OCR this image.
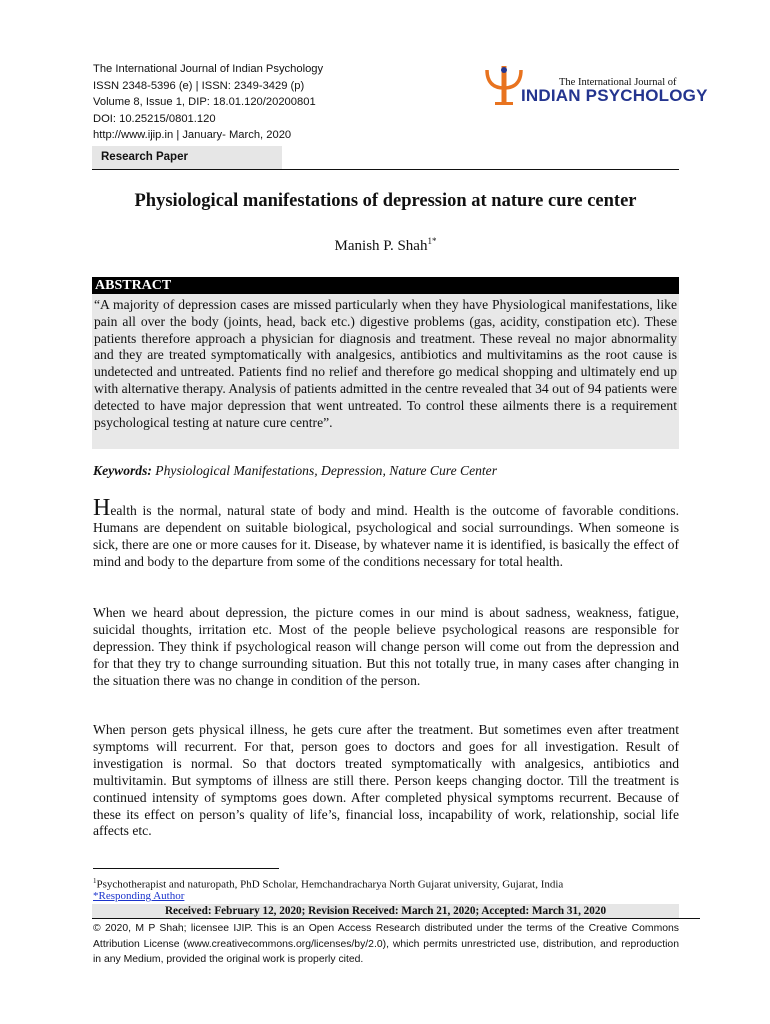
The International Journal of Indian Psychology
ISSN 2348-5396 (e) | ISSN: 2349-3429 (p)
Volume 8, Issue 1, DIP: 18.01.120/20200801
DOI: 10.25215/0801.120
http://www.ijip.in | January- March, 2020
The International Journal of
INDIAN PSYCHOLOGY
Research Paper
Physiological manifestations of depression at nature cure center
Manish P. Shah$^{1*}$
ABSTRACT
“A majority of depression cases are missed particularly when they have Physiological manifestations, like pain all over the body (joints, head, back etc.) digestive problems (gas, acidity, constipation etc). These patients therefore approach a physician for diagnosis and treatment. These reveal no major abnormality and they are treated symptomatically with analgesics, antibiotics and multivitamins as the root cause is undetected and untreated. Patients find no relief and therefore go medical shopping and ultimately end up with alternative therapy. Analysis of patients admitted in the centre revealed that 34 out of 94 patients were detected to have major depression that went untreated. To control these ailments there is a requirement psychological testing at nature cure centre”.
Keywords: Physiological Manifestations, Depression, Nature Cure Center
Health is the normal, natural state of body and mind. Health is the outcome of favorable conditions. Humans are dependent on suitable biological, psychological and social surroundings. When someone is sick, there are one or more causes for it. Disease, by whatever name it is identified, is basically the effect of mind and body to the departure from some of the conditions necessary for total health.
When we heard about depression, the picture comes in our mind is about sadness, weakness, fatigue, suicidal thoughts, irritation etc. Most of the people believe psychological reasons are responsible for depression. They think if psychological reason will change person will come out from the depression and for that they try to change surrounding situation. But this not totally true, in many cases after changing in the situation there was no change in condition of the person.
When person gets physical illness, he gets cure after the treatment. But sometimes even after treatment symptoms will recurrent. For that, person goes to doctors and goes for all investigation. Result of investigation is normal. So that doctors treated symptomatically with analgesics, antibiotics and multivitamin. But symptoms of illness are still there. Person keeps changing doctor. Till the treatment is continued intensity of symptoms goes down. After completed physical symptoms recurrent. Because of these its effect on person’s quality of life’s, financial loss, incapability of work, relationship, social life affects etc.
$^1$Psychotherapist and naturopath, PhD Scholar, Hemchandracharya North Gujarat university, Gujarat, India
*Responding Author
Received: February 12, 2020; Revision Received: March 21, 2020; Accepted: March 31, 2020
© 2020, M P Shah; licensee IJIP. This is an Open Access Research distributed under the terms of the Creative Commons Attribution License (www.creativecommons.org/licenses/by/2.0), which permits unrestricted use, distribution, and reproduction in any Medium, provided the original work is properly cited.
